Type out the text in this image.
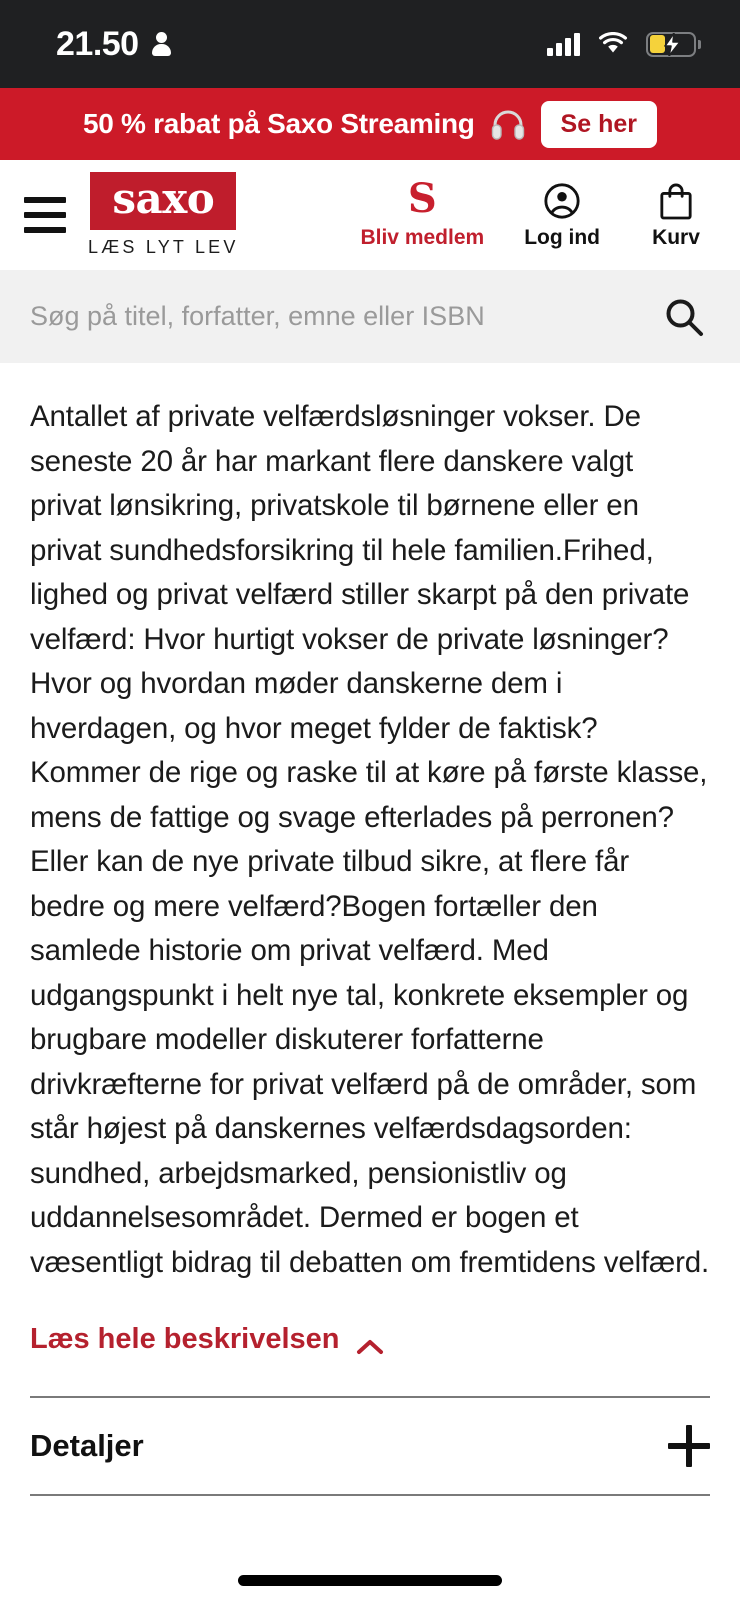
21.50
50 % rabat på Saxo Streaming	Se her
saxo
LÆS LYT LEV
S
Bliv medlem Log ind Kurv
Søg på titel, forfatter, emne eller ISBN

Antallet af private velfærdsløsninger vokser. De seneste 20 år har markant flere danskere valgt privat lønsikring, privatskole til børnene eller en privat sundhedsforsikring til hele familien.Frihed, lighed og privat velfærd stiller skarpt på den private velfærd: Hvor hurtigt vokser de private løsninger? Hvor og hvordan møder danskerne dem i hverdagen, og hvor meget fylder de faktisk? Kommer de rige og raske til at køre på første klasse, mens de fattige og svage efterlades på perronen? Eller kan de nye private tilbud sikre, at flere får bedre og mere velfærd?Bogen fortæller den samlede historie om privat velfærd. Med udgangspunkt i helt nye tal, konkrete eksempler og brugbare modeller diskuterer forfatterne drivkræfterne for privat velfærd på de områder, som står højest på danskernes velfærdsdagsorden: sundhed, arbejdsmarked, pensionistliv og uddannelsesområdet. Dermed er bogen et væsentligt bidrag til debatten om fremtidens velfærd.

Læs hele beskrivelsen
Detaljer
